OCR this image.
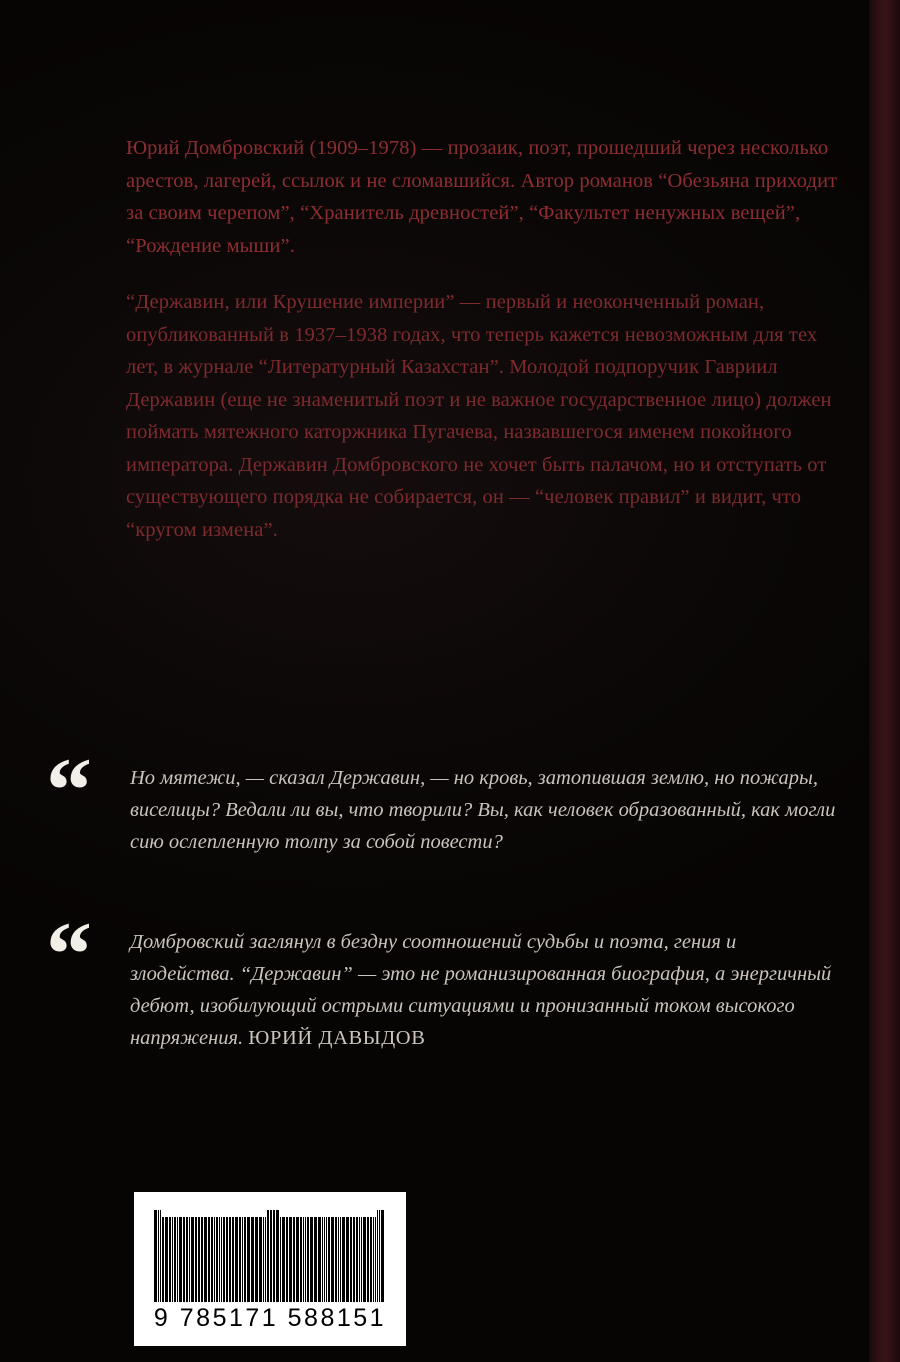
Юрий Домбровский (1909–1978) — прозаик, поэт, прошедший через несколько арестов, лагерей, ссылок и не сломавшийся. Автор романов “Обезьяна приходит за своим черепом”, “Хранитель древностей”, “Факультет ненужных вещей”, “Рождение мыши”.

“Державин, или Крушение империи” — первый и неоконченный роман, опубликованный в 1937–1938 годах, что теперь кажется невозможным для тех лет, в журнале “Литературный Казахстан”. Молодой подпоручик Гавриил Державин (еще не знаменитый поэт и не важное государственное лицо) должен поймать мятежного каторжника Пугачева, назвавшегося именем покойного императора. Державин Домбровского не хочет быть палачом, но и отступать от существующего порядка не собирается, он — “человек правил” и видит, что “кругом измена”.

“	Но мятежи, — сказал Державин, — но кровь, затопившая землю, но пожары, виселицы? Ведали ли вы, что творили? Вы, как человек образованный, как могли сию ослепленную толпу за собой повести?
“	Домбровский заглянул в бездну соотношений судьбы и поэта, гения и злодейства. “Державин” — это не романизированная биография, а энергичный дебют, изобилующий острыми ситуациями и пронизанный током высокого напряжения. ЮРИЙ ДАВЫДОВ
9 785171 588151
